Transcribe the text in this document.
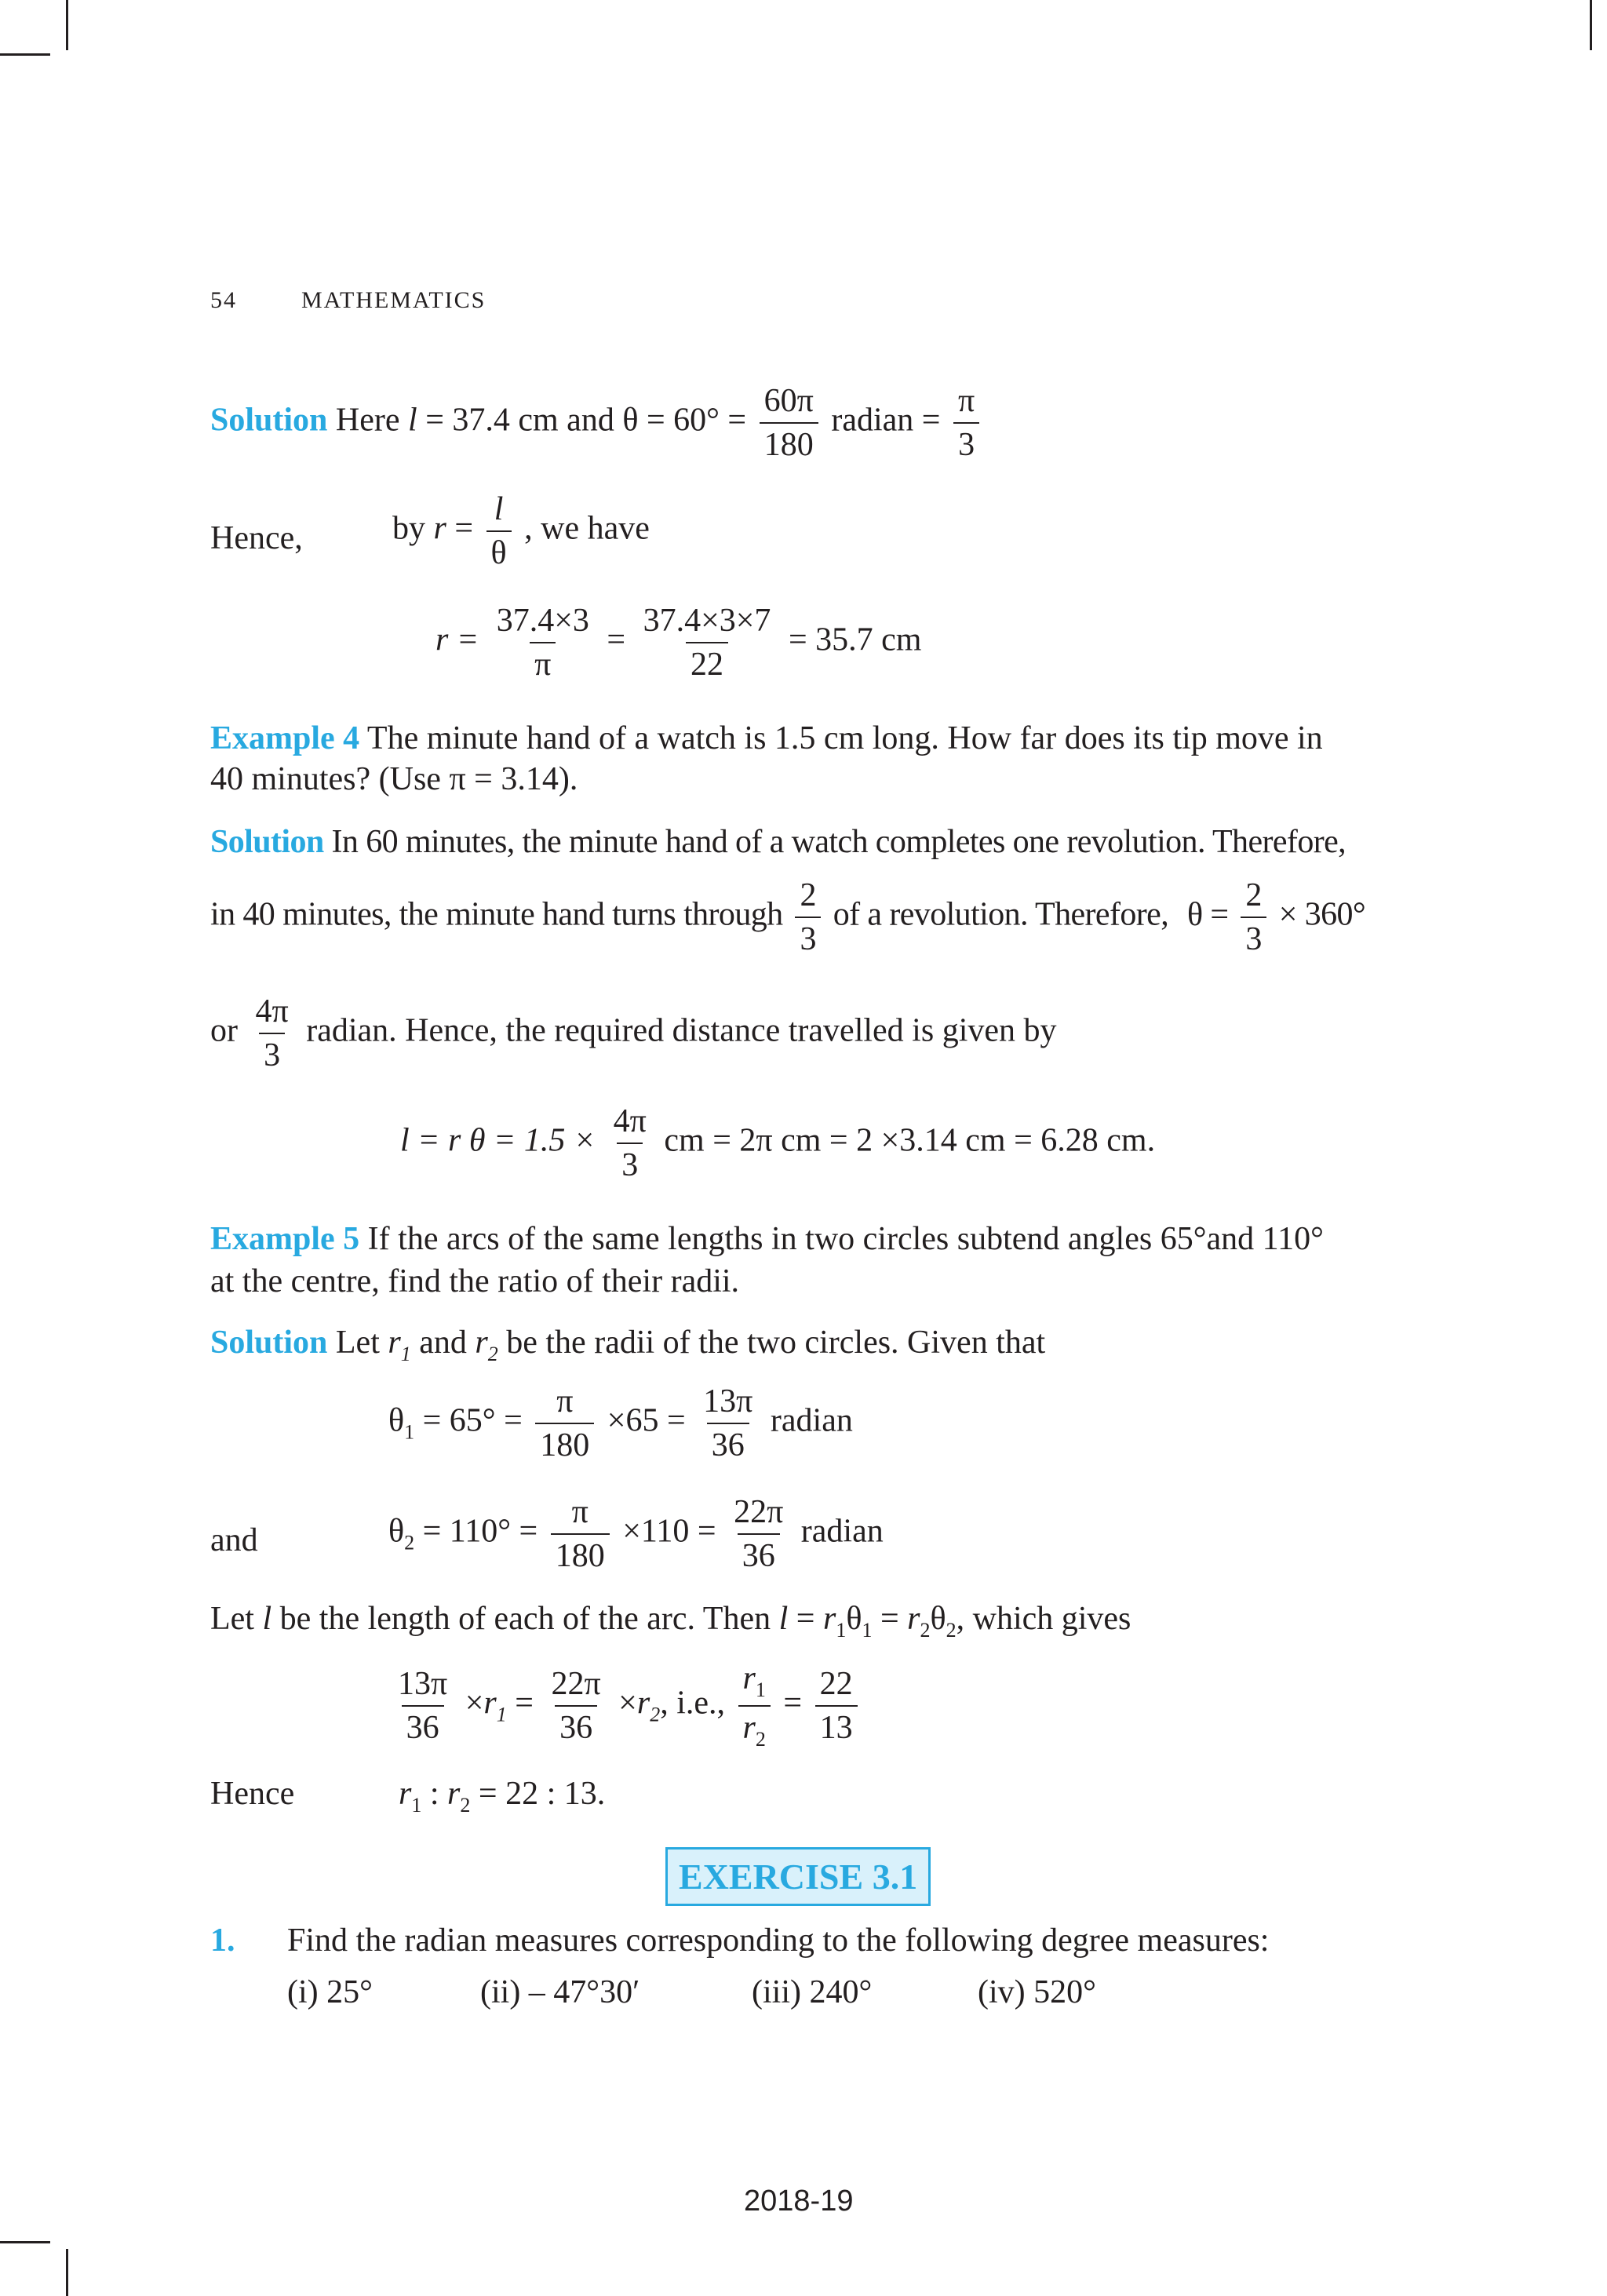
54	MATHEMATICS
Solution Here l = 37.4 cm and $\theta = 60^\circ = \frac{60\pi}{180}$ radian = $\frac{\pi}{3}$
Hence,	by $r = \frac{l}{\theta}$ , we have
$r = \frac{37.4\times 3}{\pi} = \frac{37.4\times 3\times 7}{22} = 35.7$ cm
Example 4 The minute hand of a watch is 1.5 cm long. How far does its tip move in
40 minutes? (Use π = 3.14).
Solution In 60 minutes, the minute hand of a watch completes one revolution. Therefore,
in 40 minutes, the minute hand turns through $\frac{2}{3}$ of a revolution. Therefore, $\theta = \frac{2}{3} \times 360^\circ$
or $\frac{4\pi}{3}$ radian. Hence, the required distance travelled is given by
l = r $\theta = 1.5 \times \frac{4\pi}{3}$ cm = 2π cm = 2 ×3.14 cm = 6.28 cm.
Example 5 If the arcs of the same lengths in two circles subtend angles 65°and 110°
at the centre, find the ratio of their radii.
Solution Let $r_1$ and $r_2$ be the radii of the two circles. Given that
$\theta_1 = 65^\circ = \frac{\pi}{180} \times 65 = \frac{13\pi}{36}$ radian
and	$\theta_2 = 110^\circ = \frac{\pi}{180} \times 110 = \frac{22\pi}{36}$ radian
Let l be the length of each of the arc. Then $l = r_1\theta_1 = r_2\theta_2$, which gives
$\frac{13\pi}{36} \times r_1 = \frac{22\pi}{36} \times r_2$, i.e., $\frac{r_1}{r_2} = \frac{22}{13}$
Hence	$r_1$ : $r_2 = 22$ : 13.
EXERCISE 3.1
1. Find the radian measures corresponding to the following degree measures:
(i) 25°	(ii) – 47°30′	(iii) 240°	(iv) 520°
2018-19
